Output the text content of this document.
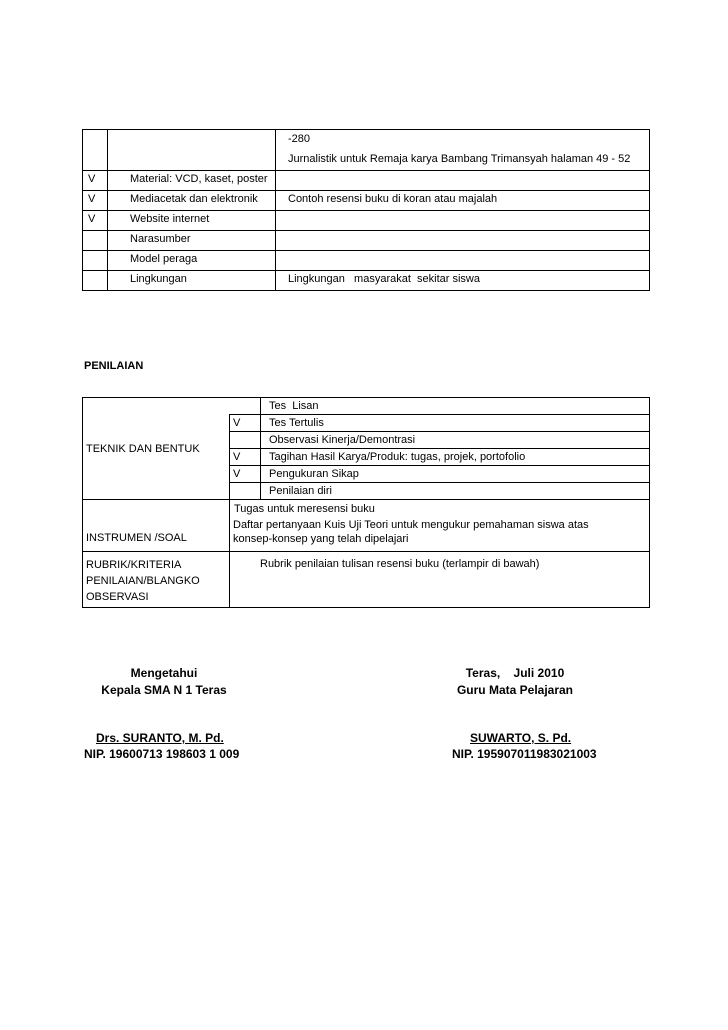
		-280
Jurnalistik untuk Remaja karya Bambang Trimansyah halaman 49 - 52

V	Material: VCD, kaset, poster	
V	Mediacetak dan elektronik	Contoh resensi buku di koran atau majalah
V	Website internet	
	Narasumber	
	Model peraga	
	Lingkungan	Lingkungan   masyarakat  sekitar siswa
PENILAIAN
TEKNIK DAN BENTUK		Tes  Lisan
	V	Tes Tertulis
		Observasi Kinerja/Demontrasi
	V	Tagihan Hasil Karya/Produk: tugas, projek, portofolio
	V	Pengukuran Sikap
		Penilaian diri
INSTRUMEN /SOAL	Tugas untuk meresensi buku
Daftar pertanyaan Kuis Uji Teori untuk mengukur pemahaman siswa atas konsep-konsep yang telah dipelajari	

RUBRIK/KRITERIA PENILAIAN/BLANGKO OBSERVASI	Rubrik penilaian tulisan resensi buku (terlampir di bawah)	
Mengetahui
Kepala SMA N 1 Teras
Teras,    Juli 2010
Guru Mata Pelajaran
Drs. SURANTO, M. Pd.
NIP. 19600713 198603 1 009
SUWARTO, S. Pd.
NIP. 195907011983021003
